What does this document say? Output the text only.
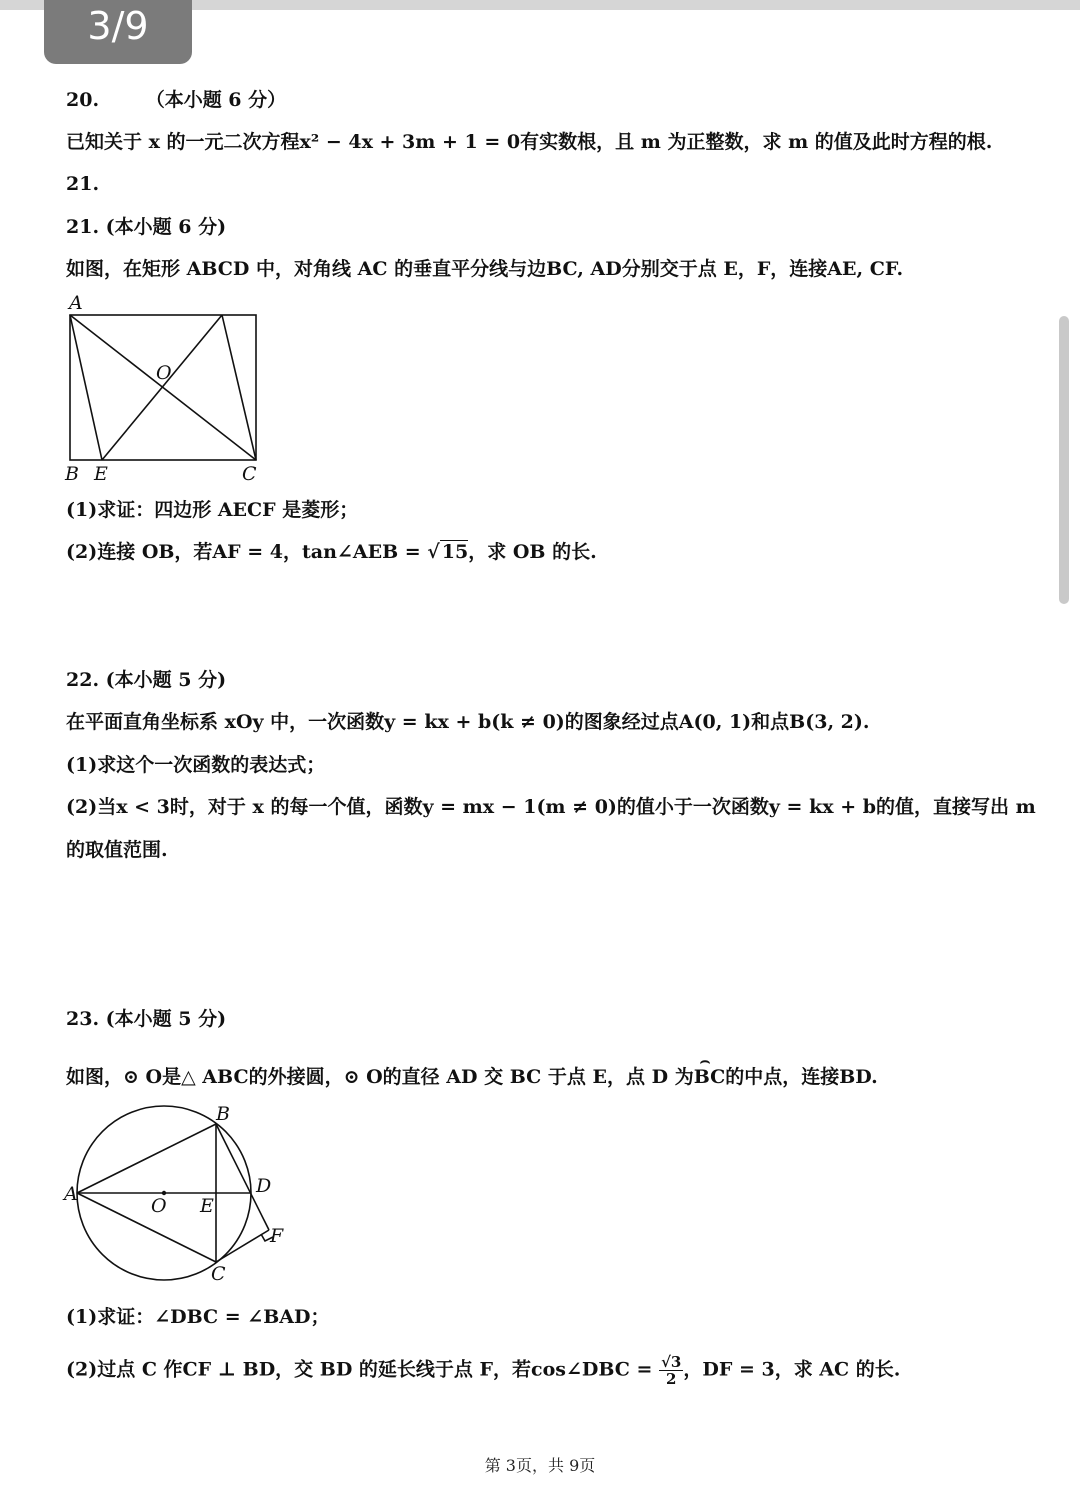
3/9

20. （本小题 6 分）

已知关于 x 的一元二次方程x² − 4x + 3m + 1 = 0有实数根，且 m 为正整数，求 m 的值及此时方程的根.

21.

21. (本小题 6 分)

如图，在矩形 ABCD 中，对角线 AC 的垂直平分线与边BC, AD分别交于点 E，F，连接AE, CF.

A
O
B E	C

(1)求证：四边形 AECF 是菱形；

(2)连接 OB，若AF = 4，tan∠AEB = √ 15，求 OB 的长.

22. (本小题 5 分)

在平面直角坐标系 xOy 中，一次函数y = kx + b(k ≠ 0)的图象经过点A(0, 1)和点B(3, 2).

(1)求这个一次函数的表达式；

(2)当x < 3时，对于 x 的每一个值，函数y = mx − 1(m ≠ 0)的值小于一次函数y = kx + b的值，直接写出 m

的取值范围.

23. (本小题 5 分)

如图，⊙ O是△ ABC的外接圆，⊙ O的直径 AD 交 BC 于点 E，点 D 为⌢ BC的中点，连接BD.

B
A
O E
D
F
C

(1)求证：∠DBC = ∠BAD；

(2)过点 C 作CF ⊥ BD，交 BD 的延长线于点 F，若cos∠DBC = $\frac{√3}{2}$ ，DF = 3，求 AC 的长.

第 3页，共 9页
